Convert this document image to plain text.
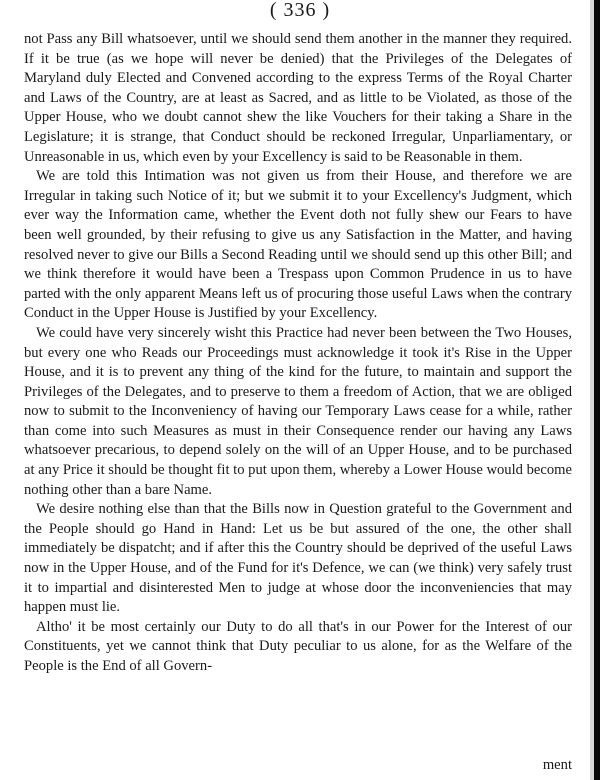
( 336 )

not Pass any Bill whatsoever, until we should send them another in the manner they required. If it be true (as we hope will never be denied) that the Privileges of the Delegates of Maryland duly Elected and Convened according to the express Terms of the Royal Charter and Laws of the Country, are at least as Sacred, and as little to be Violated, as those of the Upper House, who we doubt cannot shew the like Vouchers for their taking a Share in the Legislature; it is strange, that Conduct should be reckoned Irregular, Unparliamentary, or Unreasonable in us, which even by your Excellency is said to be Reasonable in them.

We are told this Intimation was not given us from their House, and therefore we are Irregular in taking such Notice of it; but we submit it to your Excellency's Judgment, which ever way the Information came, whether the Event doth not fully shew our Fears to have been well grounded, by their refusing to give us any Satisfaction in the Matter, and having resolved never to give our Bills a Second Reading until we should send up this other Bill; and we think therefore it would have been a Trespass upon Common Prudence in us to have parted with the only apparent Means left us of procuring those useful Laws when the contrary Conduct in the Upper House is Justified by your Excellency.

We could have very sincerely wisht this Practice had never been between the Two Houses, but every one who Reads our Proceedings must acknowledge it took it's Rise in the Upper House, and it is to prevent any thing of the kind for the future, to maintain and support the Privileges of the Delegates, and to preserve to them a freedom of Action, that we are obliged now to submit to the Inconveniency of having our Temporary Laws cease for a while, rather than come into such Measures as must in their Consequence render our having any Laws whatsoever precarious, to depend solely on the will of an Upper House, and to be purchased at any Price it should be thought fit to put upon them, whereby a Lower House would become nothing other than a bare Name.

We desire nothing else than that the Bills now in Question grateful to the Government and the People should go Hand in Hand: Let us be but assured of the one, the other shall immediately be dispatcht; and if after this the Country should be deprived of the useful Laws now in the Upper House, and of the Fund for it's Defence, we can (we think) very safely trust it to impartial and disinterested Men to judge at whose door the inconveniencies that may happen must lie.

Altho' it be most certainly our Duty to do all that's in our Power for the Interest of our Constituents, yet we cannot think that Duty peculiar to us alone, for as the Welfare of the People is the End of all Govern-

ment
